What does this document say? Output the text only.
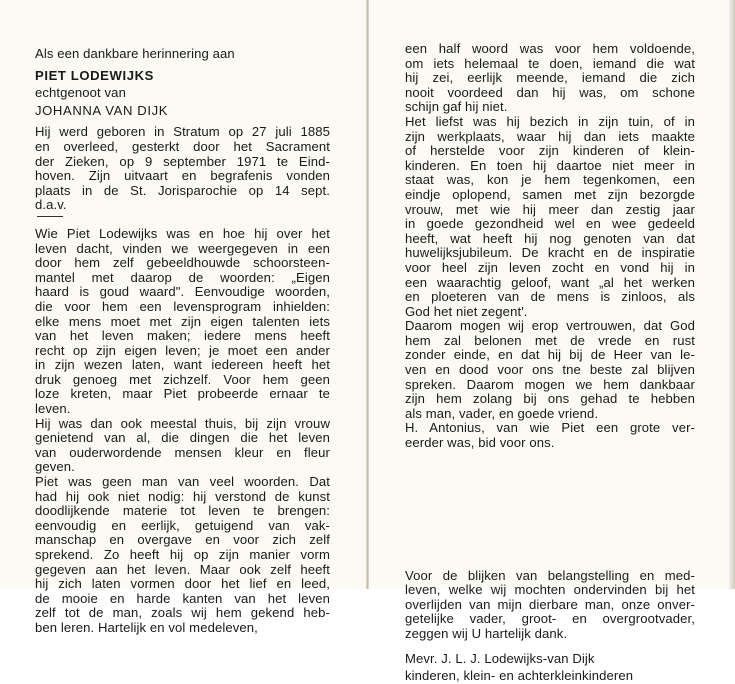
Als een dankbare herinnering aan
PIET LODEWIJKS
echtgenoot van
JOHANNA VAN DIJK
Hij werd geboren in Stratum op 27 juli 1885
en overleed, gesterkt door het Sacrament
der Zieken, op 9 september 1971 te Eind-
hoven. Zijn uitvaart en begrafenis vonden
plaats in de St. Jorisparochie op 14 sept.
d.a.v.
Wie Piet Lodewijks was en hoe hij over het
leven dacht, vinden we weergegeven in een
door hem zelf gebeeldhouwde schoorsteen-
mantel met daarop de woorden: „Eigen
haard is goud waard". Eenvoudige woorden,
die voor hem een levensprogram inhielden:
elke mens moet met zijn eigen talenten iets
van het leven maken; iedere mens heeft
recht op zijn eigen leven; je moet een ander
in zijn wezen laten, want iedereen heeft het
druk genoeg met zichzelf. Voor hem geen
loze kreten, maar Piet probeerde ernaar te
leven.
Hij was dan ook meestal thuis, bij zijn vrouw
genietend van al, die dingen die het leven
van ouderwordende mensen kleur en fleur
geven.
Piet was geen man van veel woorden. Dat
had hij ook niet nodig: hij verstond de kunst
doodlijkende materie tot leven te brengen:
eenvoudig en eerlijk, getuigend van vak-
manschap en overgave en voor zich zelf
sprekend. Zo heeft hij op zijn manier vorm
gegeven aan het leven. Maar ook zelf heeft
hij zich laten vormen door het lief en leed,
de mooie en harde kanten van het leven
zelf tot de man, zoals wij hem gekend heb-
ben leren. Hartelijk en vol medeleven,
een half woord was voor hem voldoende,
om iets helemaal te doen, iemand die wat
hij zei, eerlijk meende, iemand die zich
nooit voordeed dan hij was, om schone
schijn gaf hij niet.
Het liefst was hij bezich in zijn tuin, of in
zijn werkplaats, waar hij dan iets maakte
of herstelde voor zijn kinderen of klein-
kinderen. En toen hij daartoe niet meer in
staat was, kon je hem tegenkomen, een
eindje oplopend, samen met zijn bezorgde
vrouw, met wie hij meer dan zestig jaar
in goede gezondheid wel en wee gedeeld
heeft, wat heeft hij nog genoten van dat
huwelijksjubileum. De kracht en de inspiratie
voor heel zijn leven zocht en vond hij in
een waarachtig geloof, want „al het werken
en ploeteren van de mens is zinloos, als
God het niet zegent'.
Daarom mogen wij erop vertrouwen, dat God
hem zal belonen met de vrede en rust
zonder einde, en dat hij bij de Heer van le-
ven en dood voor ons tne beste zal blijven
spreken. Daarom mogen we hem dankbaar
zijn hem zolang bij ons gehad te hebben
als man, vader, en goede vriend.
H. Antonius, van wie Piet een grote ver-
eerder was, bid voor ons.
Voor de blijken van belangstelling en med-
leven, welke wij mochten ondervinden bij het
overlijden van mijn dierbare man, onze onver-
getelijke vader, groot- en overgrootvader,
zeggen wij U hartelijk dank.
Mevr. J. L. J. Lodewijks-van Dijk
kinderen, klein- en achterkleinkinderen
